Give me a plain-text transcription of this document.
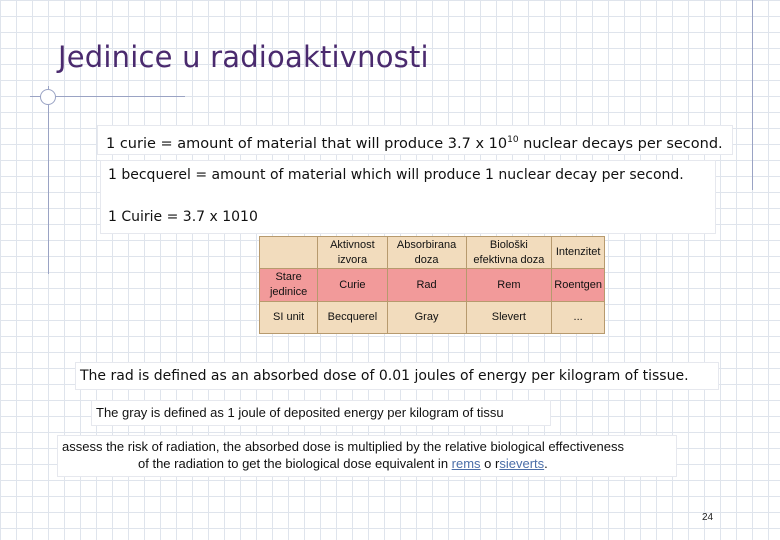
Jedinice u radioaktivnosti
1 curie = amount of material that will produce 3.7 x $10^{10}$ nuclear decays per second.
1 becquerel = amount of material which will produce 1 nuclear decay per second.
1 Cuirie = 3.7 x 1010
	Aktivnost izvora	Absorbirana doza	Biološki efektivna doza	Intenzitet
Stare jedinice	Curie	Rad	Rem	Roentgen
SI unit	Becquerel	Gray	Slevert	...
The rad is defined as an absorbed dose of 0.01 joules of energy per kilogram of tissue.
The gray is defined as 1 joule of deposited energy per kilogram of tissu
assess the risk of radiation, the absorbed dose is multiplied by the relative biological effectiveness
of the radiation to get the biological dose equivalent in rems o rsieverts.
24
